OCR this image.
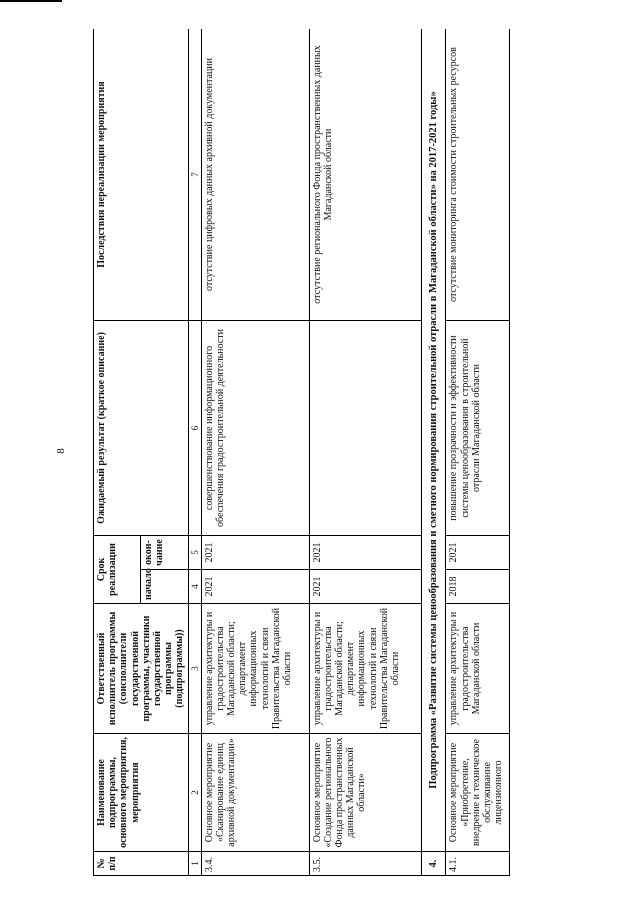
8
№ п/п	Наименование подпрограммы, основного мероприятия, мероприятия	Ответственный исполнитель программы (соисполнители государственной программы, участники государственной программы (подпрограммы))	Срок реализации		Ожидаемый результат (краткое описание)	Последствия нереализации мероприятия
			начало	окон-чание		
1	2	3	4	5	6	7
3.4.	Основное мероприятие «Сканирование единиц архивной документации»	управление архитектуры и градостроительства Магаданской области; департамент информационных технологий и связи Правительства Магаданской области	2021	2021	совершенствование информационного обеспечения градостроительной деятельности	отсутствие цифровых данных архивной документации
3.5.	Основное мероприятие «Создание регионального Фонда пространственных данных Магаданской области»	управление архитектуры и градостроительства Магаданской области; департамент информационных технологий и связи Правительства Магаданской области	2021	2021		отсутствие регионального Фонда пространственных данных Магаданской области
4.	Подпрограмма «Развитие системы ценообразования и сметного нормирования строительной отрасли в Магаданской области» на 2017-2021 годы»					
4.1.	Основное мероприятие «Приобретение, внедрение и техническое обслуживание лицензионного	управление архитектуры и градостроительства Магаданской области	2018	2021	повышение прозрачности и эффективности системы ценообразования в строительной отрасли Магаданской области	отсутствие мониторинга стоимости строительных ресурсов
